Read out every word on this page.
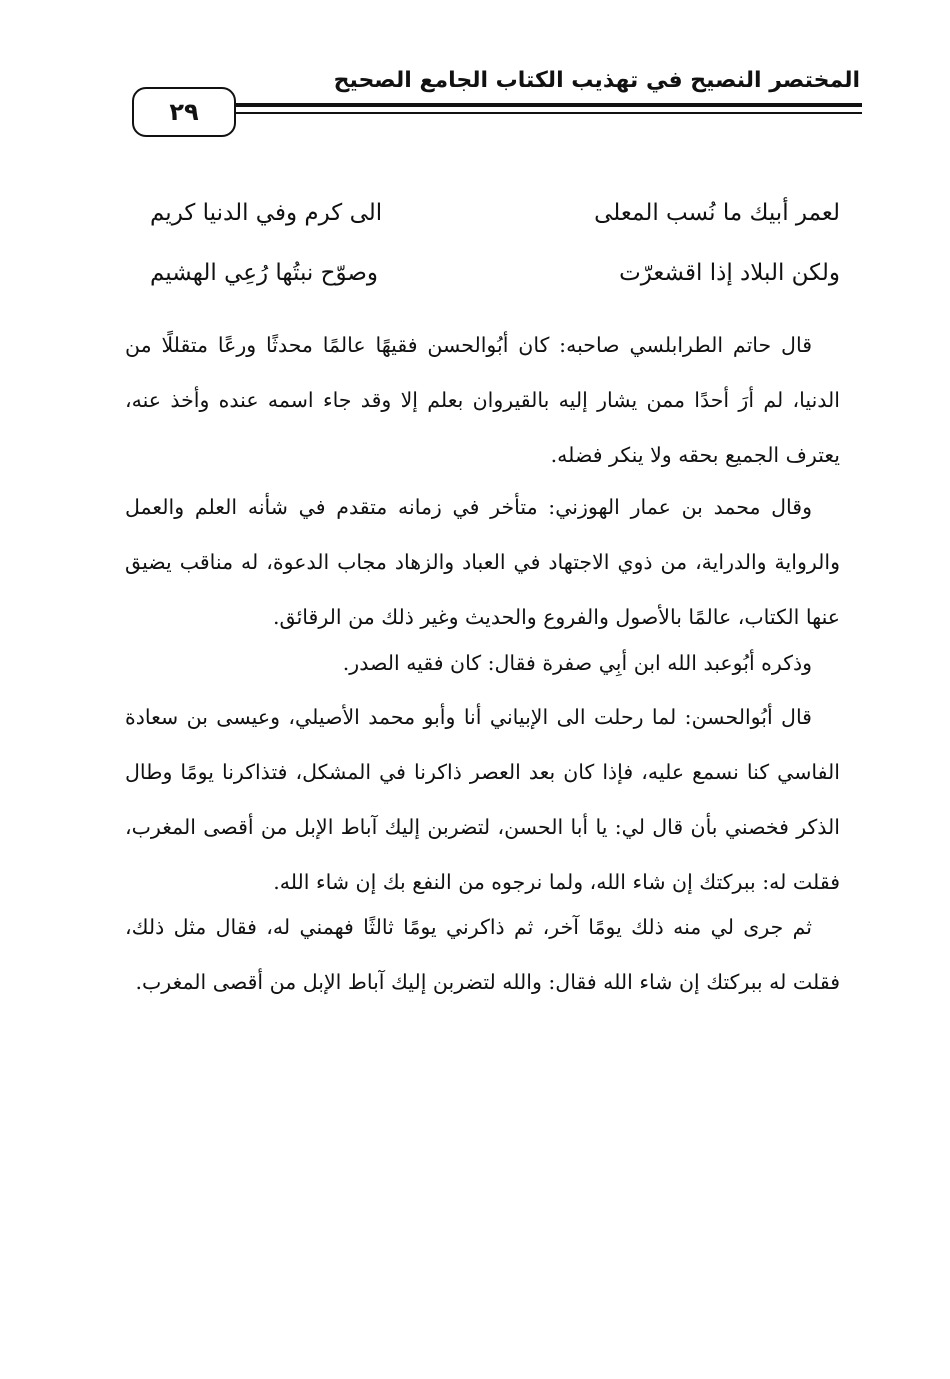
المختصر النصيح في تهذيب الكتاب الجامع الصحيح
٢٩
لعمر أبيك ما نُسب المعلى
الى كرم وفي الدنيا كريم
ولكن البلاد إذا اقشعرّت
وصوّح نبتُها رُعِي الهشيم

قال حاتم الطرابلسي صاحبه: كان أبُوالحسن فقيهًا عالمًا محدثًا ورعًا متقللًا من الدنيا، لم أرَ أحدًا ممن يشار إليه بالقيروان بعلم إلا وقد جاء اسمه عنده وأخذ عنه، يعترف الجميع بحقه ولا ينكر فضله.

وقال محمد بن عمار الهوزني: متأخر في زمانه متقدم في شأنه العلم والعمل والرواية والدراية، من ذوي الاجتهاد في العباد والزهاد مجاب الدعوة، له مناقب يضيق عنها الكتاب، عالمًا بالأصول والفروع والحديث وغير ذلك من الرقائق.

وذكره أبُوعبد الله ابن أبِي صفرة فقال: كان فقيه الصدر.

قال أبُوالحسن: لما رحلت الى الإبياني أنا وأبو محمد الأصيلي، وعيسى بن سعادة الفاسي كنا نسمع عليه، فإذا كان بعد العصر ذاكرنا في المشكل، فتذاكرنا يومًا وطال الذكر فخصني بأن قال لي: يا أبا الحسن، لتضربن إليك آباط الإبل من أقصى المغرب، فقلت له: ببركتك إن شاء الله، ولما نرجوه من النفع بك إن شاء الله.

ثم جرى لي منه ذلك يومًا آخر، ثم ذاكرني يومًا ثالثًا فهمني له، فقال مثل ذلك، فقلت له ببركتك إن شاء الله فقال: والله لتضربن إليك آباط الإبل من أقصى المغرب.
